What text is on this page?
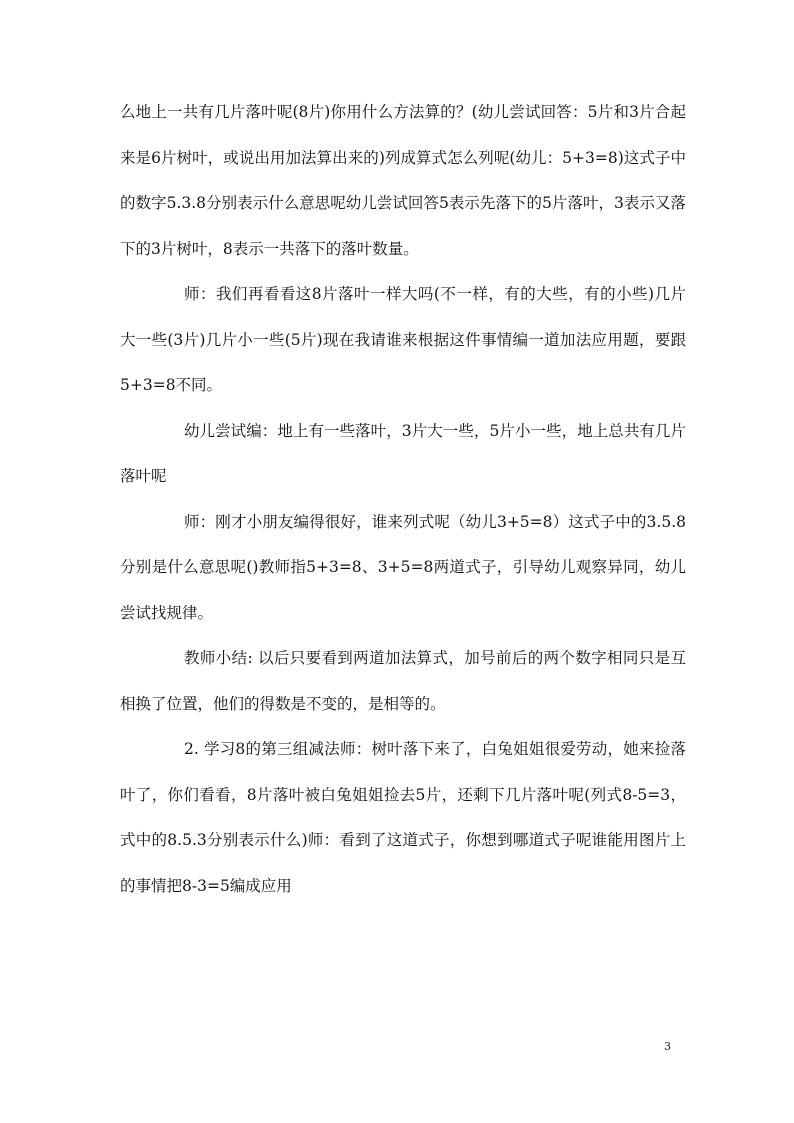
么地上一共有几片落叶呢(8片)你用什么方法算的？(幼儿尝试回答：5片和3片合起来是6片树叶，或说出用加法算出来的)列成算式怎么列呢(幼儿：5+3=8)这式子中的数字5.3.8分别表示什么意思呢幼儿尝试回答5表示先落下的5片落叶，3表示又落下的3片树叶，8表示一共落下的落叶数量。

师：我们再看看这8片落叶一样大吗(不一样，有的大些，有的小些)几片大一些(3片)几片小一些(5片)现在我请谁来根据这件事情编一道加法应用题，要跟 5+3=8不同。

幼儿尝试编：地上有一些落叶，3片大一些，5片小一些，地上总共有几片落叶呢

师：刚才小朋友编得很好，谁来列式呢（幼儿3+5=8）这式子中的3.5.8分别是什么意思呢()教师指5+3=8、3+5=8两道式子，引导幼儿观察异同，幼儿尝试找规律。

教师小结: 以后只要看到两道加法算式，加号前后的两个数字相同只是互相换了位置，他们的得数是不变的，是相等的。

2. 学习8的第三组减法师：树叶落下来了，白兔姐姐很爱劳动，她来捡落叶了，你们看看，8片落叶被白兔姐姐捡去5片，还剩下几片落叶呢(列式8-5=3，式中的8.5.3分别表示什么)师：看到了这道式子，你想到哪道式子呢谁能用图片上的事情把8-3=5编成应用

3
